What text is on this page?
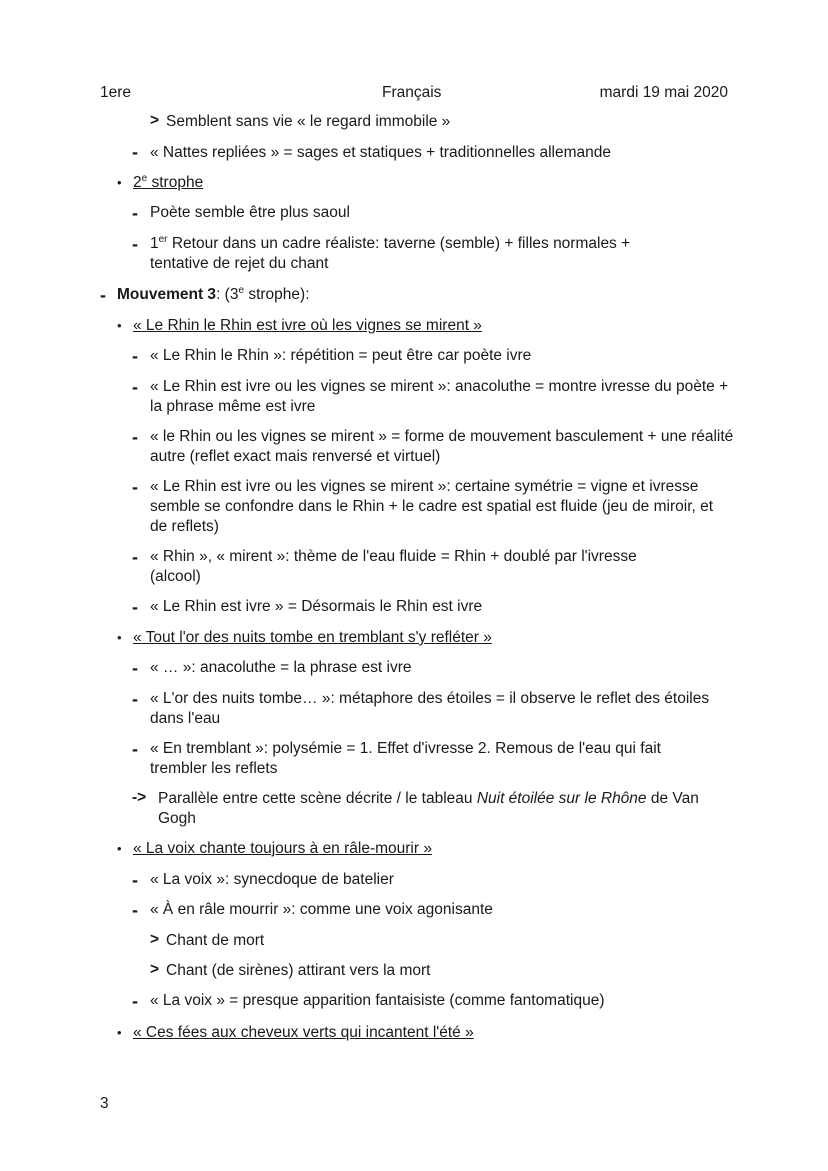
1ere	Français	mardi 19 mai 2020
> Semblent sans vie « le regard immobile »
- « Nattes repliées » = sages et statiques + traditionnelles allemande
• 2e strophe
- Poète semble être plus saoul
- 1er Retour dans un cadre réaliste: taverne (semble) + filles normales + tentative de rejet du chant
- Mouvement 3: (3e strophe):
• « Le Rhin le Rhin est ivre où les vignes se mirent »
- « Le Rhin le Rhin »: répétition = peut être car poète ivre
- « Le Rhin est ivre ou les vignes se mirent »: anacoluthe = montre ivresse du poète + la phrase même est ivre
- « le Rhin ou les vignes se mirent » = forme de mouvement basculement + une réalité autre (reflet exact mais renversé et virtuel)
- « Le Rhin est ivre ou les vignes se mirent »: certaine symétrie = vigne et ivresse semble se confondre dans le Rhin + le cadre est spatial est fluide (jeu de miroir, et de reflets)
- « Rhin », « mirent »: thème de l'eau fluide = Rhin + doublé par l'ivresse (alcool)
- « Le Rhin est ivre » = Désormais le Rhin est ivre
• « Tout l'or des nuits tombe en tremblant s'y refléter »
- « … »: anacoluthe = la phrase est ivre
- « L'or des nuits tombe… »: métaphore des étoiles = il observe le reflet des étoiles dans l'eau
- « En tremblant »: polysémie = 1. Effet d'ivresse 2. Remous de l'eau qui fait trembler les reflets
-> Parallèle entre cette scène décrite / le tableau Nuit étoilée sur le Rhône de Van Gogh
• « La voix chante toujours à en râle-mourir »
- « La voix »: synecdoque de batelier
- « À en râle mourrir »: comme une voix agonisante
> Chant de mort
> Chant (de sirènes) attirant vers la mort
- « La voix » = presque apparition fantaisiste (comme fantomatique)
• « Ces fées aux cheveux verts qui incantent l'été »
3
